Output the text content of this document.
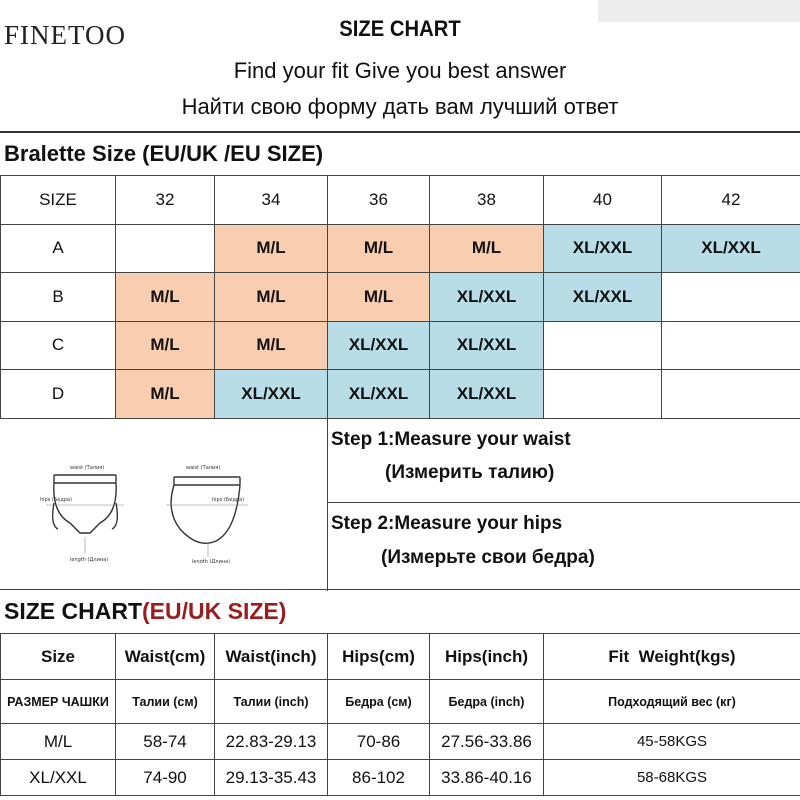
FINETOO	SIZE CHART
Find your fit Give you best answer
Найти свою форму дать вам лучший ответ
Bralette Size (EU/UK /EU SIZE)
SIZE	32	34	36	38	40	42
A		M/L	M/L	M/L	XL/XXL	XL/XXL
B	M/L	M/L	M/L	XL/XXL	XL/XXL	
C	M/L	M/L	XL/XXL	XL/XXL		
D	M/L	XL/XXL	XL/XXL	XL/XXL		
waist (Талия)	waist (Талия)
hips (Бедра)	hips (Бедра)
length (Длина)	length (Длина)
Step 1:Measure your waist
(Измерить талию)
Step 2:Measure your hips
(Измерьте свои бедра)
SIZE CHART(EU/UK SIZE)
Size	Waist(cm)	Waist(inch)	Hips(cm)	Hips(inch)	Fit  Weight(kgs)
РАЗМЕР ЧАШКИ	Талии (см)	Талии (inch)	Бедра (см)	Бедра (inch)	Подходящий вес (кг)
M/L	58-74	22.83-29.13	70-86	27.56-33.86	45-58KGS
XL/XXL	74-90	29.13-35.43	86-102	33.86-40.16	58-68KGS
